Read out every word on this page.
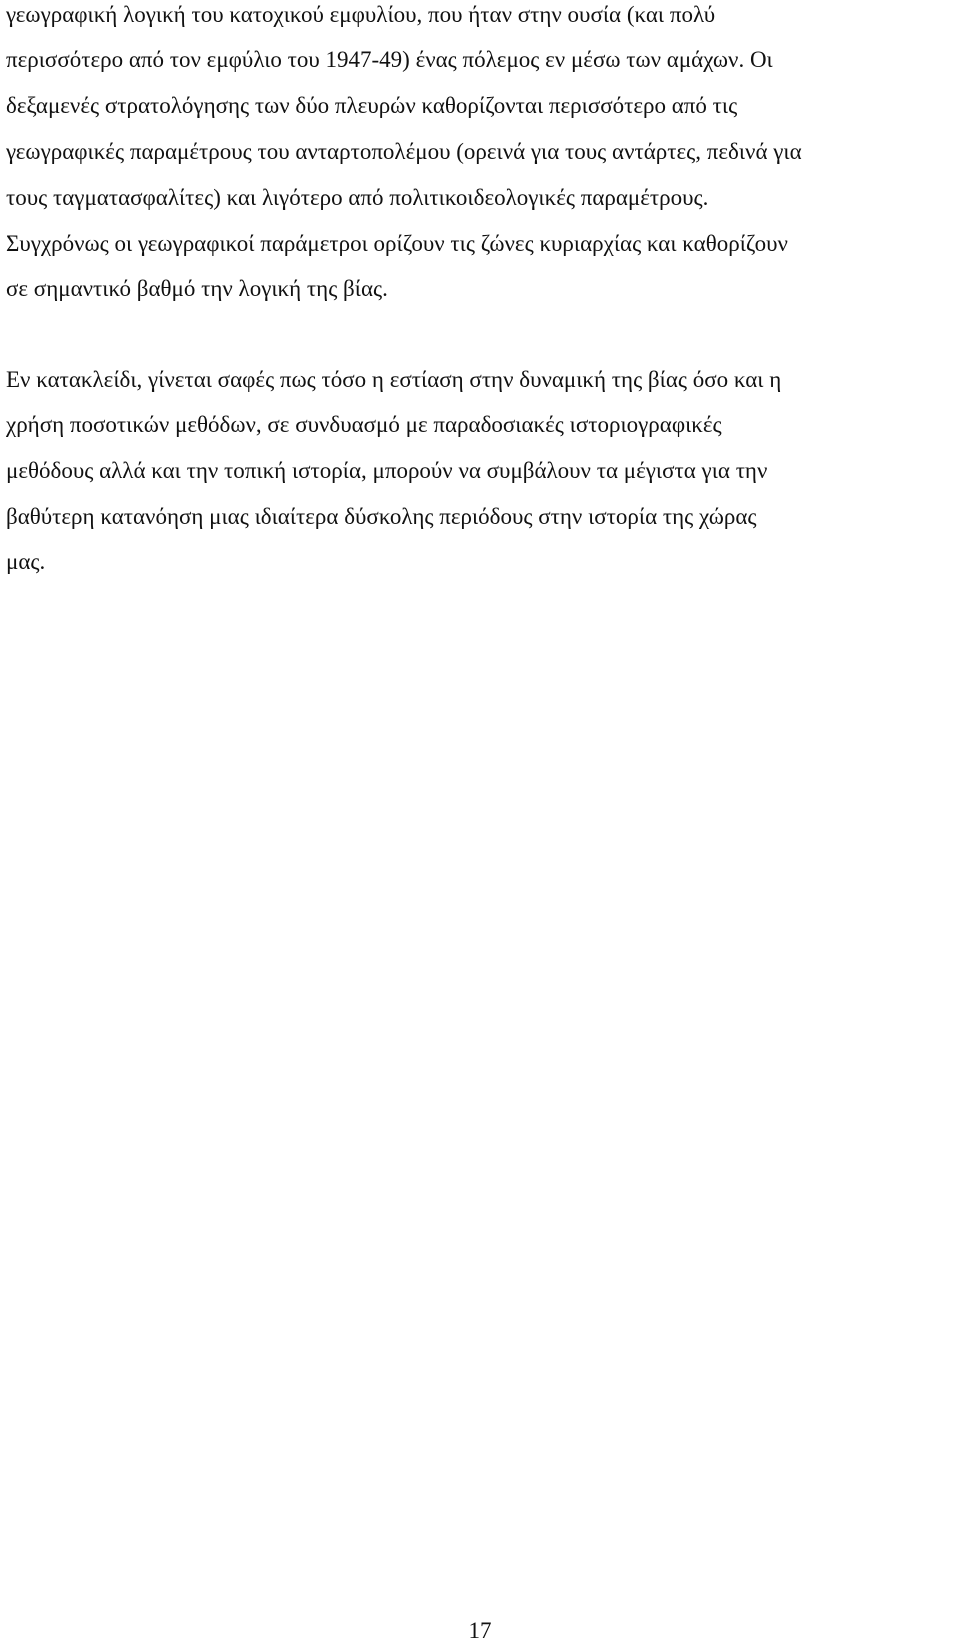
γεωγραφική λογική του κατοχικού εμφυλίου, που ήταν στην ουσία (και πολύ

περισσότερο από τον εμφύλιο του 1947-49) ένας πόλεμος εν μέσω των αμάχων. Οι

δεξαμενές στρατολόγησης των δύο πλευρών καθορίζονται περισσότερο από τις

γεωγραφικές παραμέτρους του ανταρτοπολέμου (ορεινά για τους αντάρτες, πεδινά για

τους ταγματασφαλίτες) και λιγότερο από πολιτικοιδεολογικές παραμέτρους.

Συγχρόνως οι γεωγραφικοί παράμετροι ορίζουν τις ζώνες κυριαρχίας και καθορίζουν

σε σημαντικό βαθμό την λογική της βίας.

Εν κατακλείδι, γίνεται σαφές πως τόσο η εστίαση στην δυναμική της βίας όσο και η

χρήση ποσοτικών μεθόδων, σε συνδυασμό με παραδοσιακές ιστοριογραφικές

μεθόδους αλλά και την τοπική ιστορία, μπορούν να συμβάλουν τα μέγιστα για την

βαθύτερη κατανόηση μιας ιδιαίτερα δύσκολης περιόδους στην ιστορία της χώρας

μας.

17
